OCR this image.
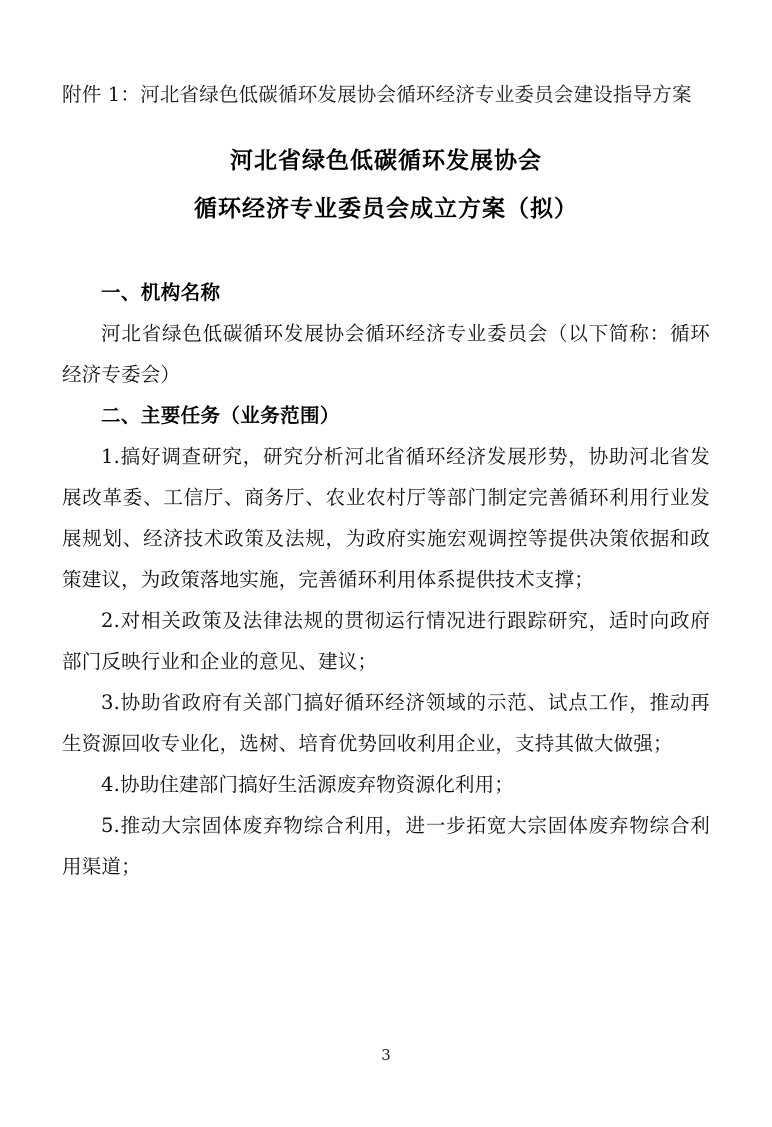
附件 1：河北省绿色低碳循环发展协会循环经济专业委员会建设指导方案
河北省绿色低碳循环发展协会
循环经济专业委员会成立方案（拟）
一、机构名称
河北省绿色低碳循环发展协会循环经济专业委员会（以下简称：循环经济专委会）
二、主要任务（业务范围）
1.搞好调查研究，研究分析河北省循环经济发展形势，协助河北省发展改革委、工信厅、商务厅、农业农村厅等部门制定完善循环利用行业发展规划、经济技术政策及法规，为政府实施宏观调控等提供决策依据和政策建议，为政策落地实施，完善循环利用体系提供技术支撑；
2.对相关政策及法律法规的贯彻运行情况进行跟踪研究，适时向政府部门反映行业和企业的意见、建议；
3.协助省政府有关部门搞好循环经济领域的示范、试点工作，推动再生资源回收专业化，选树、培育优势回收利用企业，支持其做大做强；
4.协助住建部门搞好生活源废弃物资源化利用；
5.推动大宗固体废弃物综合利用，进一步拓宽大宗固体废弃物综合利用渠道；
3
